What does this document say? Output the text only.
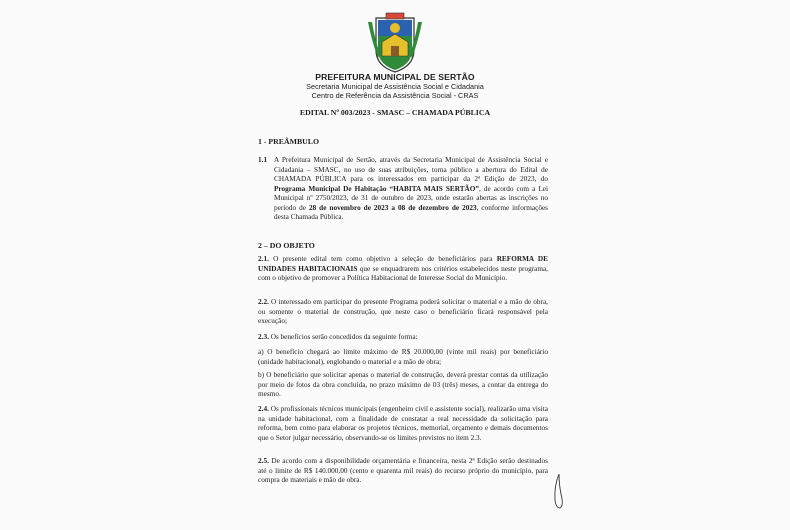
PREFEITURA MUNICIPAL DE SERTÃO
Secretaria Municipal de Assistência Social e Cidadania
Centro de Referência da Assistência Social - CRAS
EDITAL Nº 003/2023 - SMASC – CHAMADA PÚBLICA
1 - PREÂMBULO
1.1 A Prefeitura Municipal de Sertão, através da Secretaria Municipal de Assistência Social e Cidadania – SMASC, no uso de suas atribuições, torna público a abertura do Edital de CHAMADA PÚBLICA para os interessados em participar da 2ª Edição de 2023, do Programa Municipal De Habitação “HABITA MAIS SERTÃO”, de acordo com a Lei Municipal nº 2750/2023, de 31 de outubro de 2023, onde estarão abertas as inscrições no período de 28 de novembro de 2023 a 08 de dezembro de 2023, conforme informações desta Chamada Pública.
2 – DO OBJETO

2.1. O presente edital tem como objetivo a seleção de beneficiários para REFORMA DE UNIDADES HABITACIONAIS que se enquadrarem nos critérios estabelecidos neste programa, com o objetivo de promover a Política Habitacional de Interesse Social do Município.

2.2. O interessado em participar do presente Programa poderá solicitar o material e a mão de obra, ou somente o material de construção, que neste caso o beneficiário ficará responsável pela execução;

2.3. Os benefícios serão concedidos da seguinte forma:

a) O benefício chegará ao limite máximo de R$ 20.000,00 (vinte mil reais) por beneficiário (unidade habitacional), englobando o material e a mão de obra;

b) O beneficiário que solicitar apenas o material de construção, deverá prestar contas da utilização por meio de fotos da obra concluída, no prazo máximo de 03 (três) meses, a contar da entrega do mesmo.

2.4. Os profissionais técnicos municipais (engenheiro civil e assistente social), realizarão uma visita na unidade habitacional, com a finalidade de constatar a real necessidade da solicitação para reforma, bem como para elaborar os projetos técnicos, memorial, orçamento e demais documentos que o Setor julgar necessário, observando-se os limites previstos no item 2.3.

2.5. De acordo com a disponibilidade orçamentária e financeira, nesta 2ª Edição serão destinados até o limite de R$ 140.000,00 (cento e quarenta mil reais) do recurso próprio do município, para compra de materiais e mão de obra.
